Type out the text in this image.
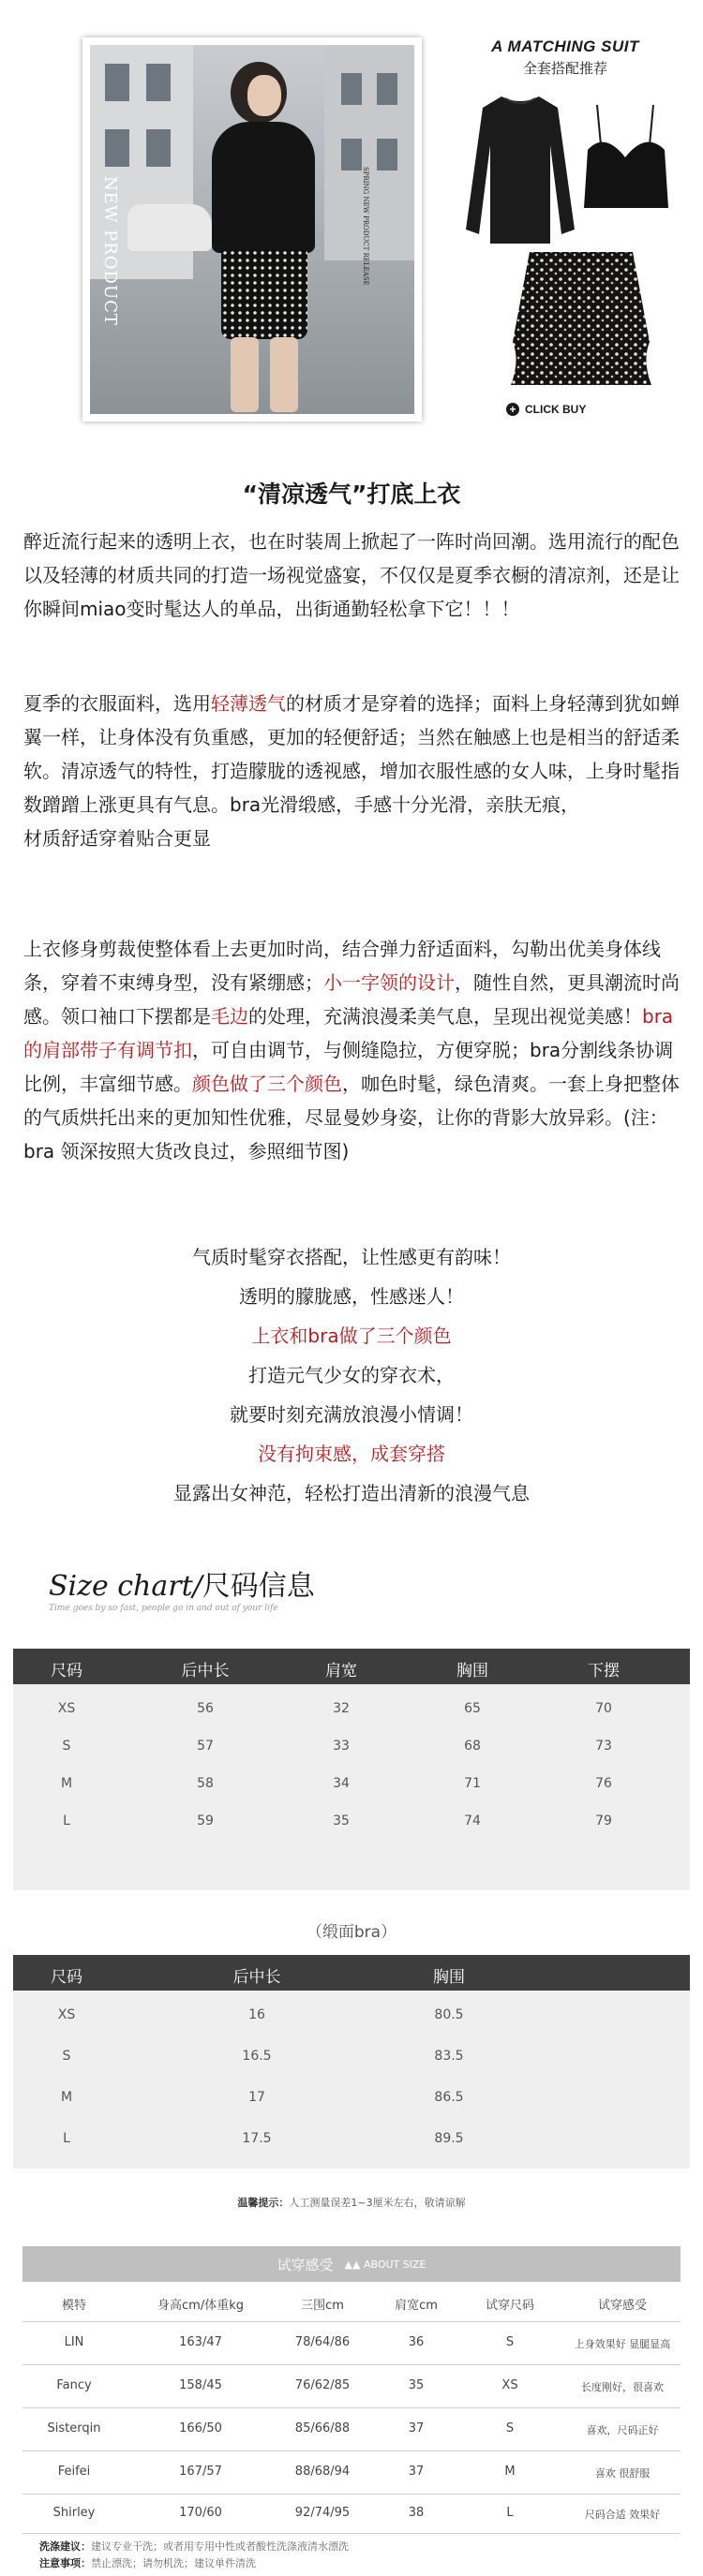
NEW PRODUCT	SPRING NEW PRODUCT RELEASE
A MATCHING SUIT
全套搭配推荐
+ CLICK BUY
“清凉透气”打底上衣
醉近流行起来的透明上衣，也在时装周上掀起了一阵时尚回潮。选用流行的配色以及轻薄的材质共同的打造一场视觉盛宴，不仅仅是夏季衣橱的清凉剂，还是让你瞬间miao变时髦达人的单品，出街通勤轻松拿下它！！！
夏季的衣服面料，选用轻薄透气的材质才是穿着的选择；面料上身轻薄到犹如蝉翼一样，让身体没有负重感，更加的轻便舒适；当然在触感上也是相当的舒适柔软。清凉透气的特性，打造朦胧的透视感，增加衣服性感的女人味，上身时髦指数蹭蹭上涨更具有气息。bra光滑缎感，手感十分光滑，亲肤无痕，
材质舒适穿着贴合更显
上衣修身剪裁使整体看上去更加时尚，结合弹力舒适面料，勾勒出优美身体线条，穿着不束缚身型，没有紧绷感；小一字领的设计，随性自然，更具潮流时尚感。领口袖口下摆都是毛边的处理，充满浪漫柔美气息，呈现出视觉美感！bra的肩部带子有调节扣，可自由调节，与侧缝隐拉，方便穿脱；bra分割线条协调比例，丰富细节感。颜色做了三个颜色，咖色时髦，绿色清爽。一套上身把整体的气质烘托出来的更加知性优雅，尽显曼妙身姿，让你的背影大放异彩。(注：bra 领深按照大货改良过，参照细节图)
气质时髦穿衣搭配，让性感更有韵味！
透明的朦胧感，性感迷人！
上衣和bra做了三个颜色
打造元气少女的穿衣术，
就要时刻充满放浪漫小情调！
没有拘束感，成套穿搭
显露出女神范，轻松打造出清新的浪漫气息
Size chart/尺码信息
Time goes by so fast, people go in and out of your life
尺码	后中长	肩宽	胸围	下摆
XS	56	32	65	70
S	57	33	68	73
M	58	34	71	76
L	59	35	74	79
（缎面bra）
尺码	后中长	胸围
XS	16	80.5
S	16.5	83.5
M	17	86.5
L	17.5	89.5
温馨提示：人工测量误差1~3厘米左右，敬请谅解
试穿感受 ▲▲ ABOUT SIZE
模特	身高cm/体重kg	三围cm	肩宽cm	试穿尺码	试穿感受
LIN	163/47	78/64/86	36	S	上身效果好 显腿显高
Fancy	158/45	76/62/85	35	XS	长度刚好，很喜欢
Sisterqin	166/50	85/66/88	37	S	喜欢，尺码正好
Feifei	167/57	88/68/94	37	M	喜欢 很舒服
Shirley	170/60	92/74/95	38	L	尺码合适 效果好
洗涤建议：建议专业干洗；或者用专用中性或者酸性洗涤液清水漂洗
注意事项：禁止漂洗；请勿机洗；建议单件清洗
